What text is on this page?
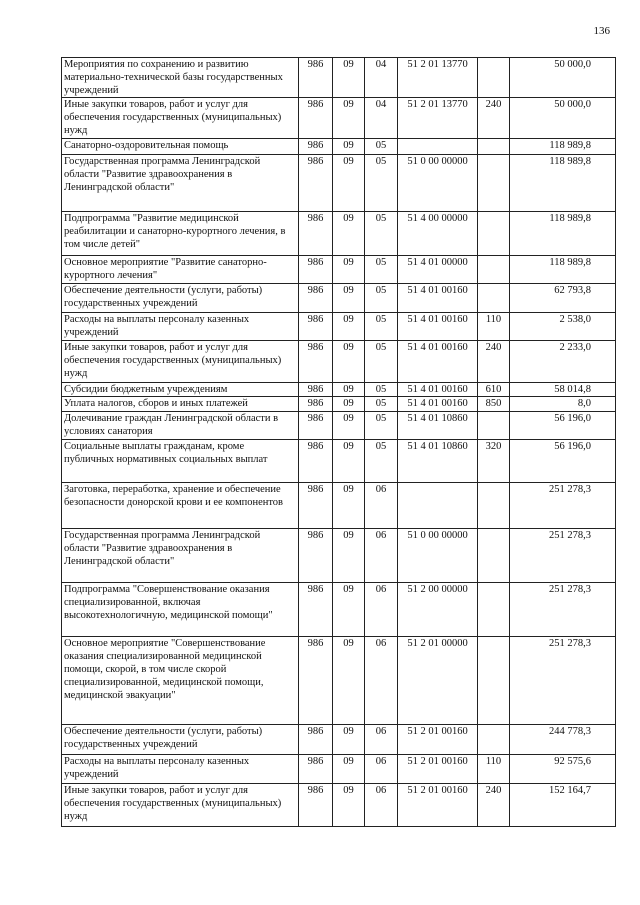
136
Мероприятия по сохранению и развитию материально-технической базы государственных учреждений	986	09	04	51 2 01 13770		50 000,0
Иные закупки товаров, работ и услуг для обеспечения государственных (муниципальных) нужд	986	09	04	51 2 01 13770	240	50 000,0
Санаторно-оздоровительная помощь	986	09	05			118 989,8
Государственная программа Ленинградской области "Развитие здравоохранения в Ленинградской области"	986	09	05	51 0 00 00000		118 989,8
Подпрограмма "Развитие медицинской реабилитации и санаторно-курортного лечения, в том числе детей"	986	09	05	51 4 00 00000		118 989,8
Основное мероприятие "Развитие санаторно-курортного лечения"	986	09	05	51 4 01 00000		118 989,8
Обеспечение деятельности (услуги, работы) государственных учреждений	986	09	05	51 4 01 00160		62 793,8
Расходы на выплаты персоналу казенных учреждений	986	09	05	51 4 01 00160	110	2 538,0
Иные закупки товаров, работ и услуг для обеспечения государственных (муниципальных) нужд	986	09	05	51 4 01 00160	240	2 233,0
Субсидии бюджетным учреждениям	986	09	05	51 4 01 00160	610	58 014,8
Уплата налогов, сборов и иных платежей	986	09	05	51 4 01 00160	850	8,0
Долечивание граждан Ленинградской области в условиях санатория	986	09	05	51 4 01 10860		56 196,0
Социальные выплаты гражданам, кроме публичных нормативных социальных выплат	986	09	05	51 4 01 10860	320	56 196,0
Заготовка, переработка, хранение и обеспечение безопасности донорской крови и ее компонентов	986	09	06			251 278,3
Государственная программа Ленинградской области "Развитие здравоохранения в Ленинградской области"	986	09	06	51 0 00 00000		251 278,3
Подпрограмма "Совершенствование оказания специализированной, включая высокотехнологичную, медицинской помощи"	986	09	06	51 2 00 00000		251 278,3
Основное мероприятие "Совершенствование оказания специализированной медицинской помощи, скорой, в том числе скорой специализированной, медицинской помощи, медицинской эвакуации"	986	09	06	51 2 01 00000		251 278,3
Обеспечение деятельности (услуги, работы) государственных учреждений	986	09	06	51 2 01 00160		244 778,3
Расходы на выплаты персоналу казенных учреждений	986	09	06	51 2 01 00160	110	92 575,6
Иные закупки товаров, работ и услуг для обеспечения государственных (муниципальных) нужд	986	09	06	51 2 01 00160	240	152 164,7
